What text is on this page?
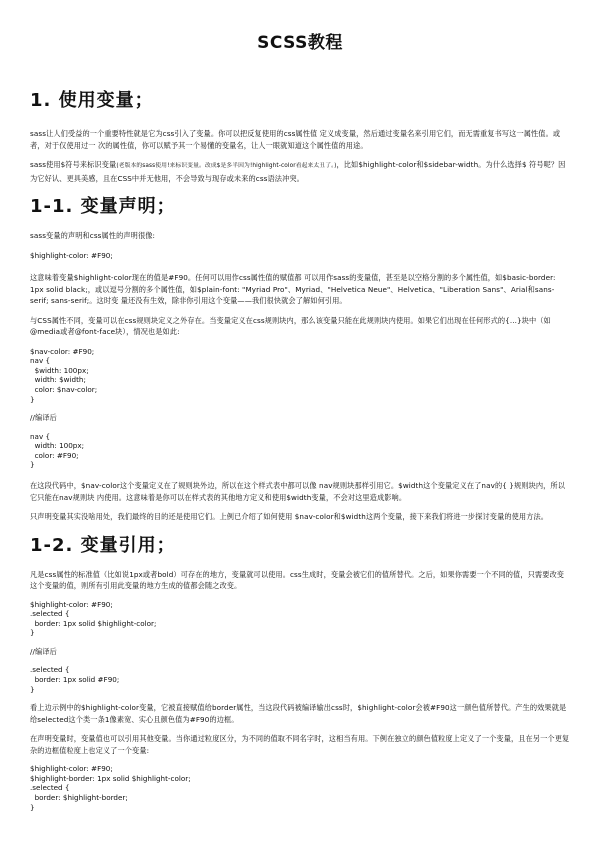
SCSS教程
1. 使用变量；

sass让人们受益的一个重要特性就是它为css引入了变量。你可以把反复使用的css属性值 定义成变量，然后通过变量名来引用它们，而无需重复书写这一属性值。或者，对于仅使用过一 次的属性值，你可以赋予其一个易懂的变量名，让人一眼就知道这个属性值的用途。

sass使用$符号来标识变量(老版本的sass使用!来标识变量。改成$是多半因为!highlight-color看起来太丑了。)，比如$highlight-color和$sidebar-width。为什么选择$ 符号呢？因为它好认、更具美感，且在CSS中并无他用，不会导致与现存或未来的css语法冲突。

1-1. 变量声明；

sass变量的声明和css属性的声明很像:

$highlight-color: #F90;

这意味着变量$highlight-color现在的值是#F90。任何可以用作css属性值的赋值都 可以用作sass的变量值，甚至是以空格分割的多个属性值，如$basic-border: 1px solid black;，或以逗号分割的多个属性值，如$plain-font: "Myriad Pro"、Myriad、"Helvetica Neue"、Helvetica、"Liberation Sans"、Arial和sans-serif; sans-serif;。这时变 量还没有生效，除非你引用这个变量——我们很快就会了解如何引用。

与CSS属性不同，变量可以在css规则块定义之外存在。当变量定义在css规则块内，那么该变量只能在此规则块内使用。如果它们出现在任何形式的{...}块中（如@media或者@font-face块），情况也是如此:

$nav-color: #F90;
nav {
$width: 100px;
width: $width;
color: $nav-color;
}

//编译后

nav {
width: 100px;
color: #F90;
}

在这段代码中，$nav-color这个变量定义在了规则块外边，所以在这个样式表中都可以像 nav规则块那样引用它。$width这个变量定义在了nav的{ }规则块内，所以它只能在nav规则块 内使用。这意味着是你可以在样式表的其他地方定义和使用$width变量，不会对这里造成影响。

只声明变量其实没啥用处，我们最终的目的还是使用它们。上例已介绍了如何使用 $nav-color和$width这两个变量，接下来我们将进一步探讨变量的使用方法。

1-2. 变量引用；

凡是css属性的标准值（比如说1px或者bold）可存在的地方，变量就可以使用。css生成时，变量会被它们的值所替代。之后，如果你需要一个不同的值，只需要改变这个变量的值，则所有引用此变量的地方生成的值都会随之改变。

$highlight-color: #F90;
.selected {
border: 1px solid $highlight-color;
}

//编译后

.selected {
border: 1px solid #F90;
}

看上边示例中的$highlight-color变量，它被直接赋值给border属性，当这段代码被编译输出css时，$highlight-color会被#F90这一颜色值所替代。产生的效果就是给selected这个类一条1像素宽、实心且颜色值为#F90的边框。

在声明变量时，变量值也可以引用其他变量。当你通过粒度区分，为不同的值取不同名字时，这相当有用。下例在独立的颜色值粒度上定义了一个变量，且在另一个更复杂的边框值粒度上也定义了一个变量:

$highlight-color: #F90;
$highlight-border: 1px solid $highlight-color;
.selected {
border: $highlight-border;
}
